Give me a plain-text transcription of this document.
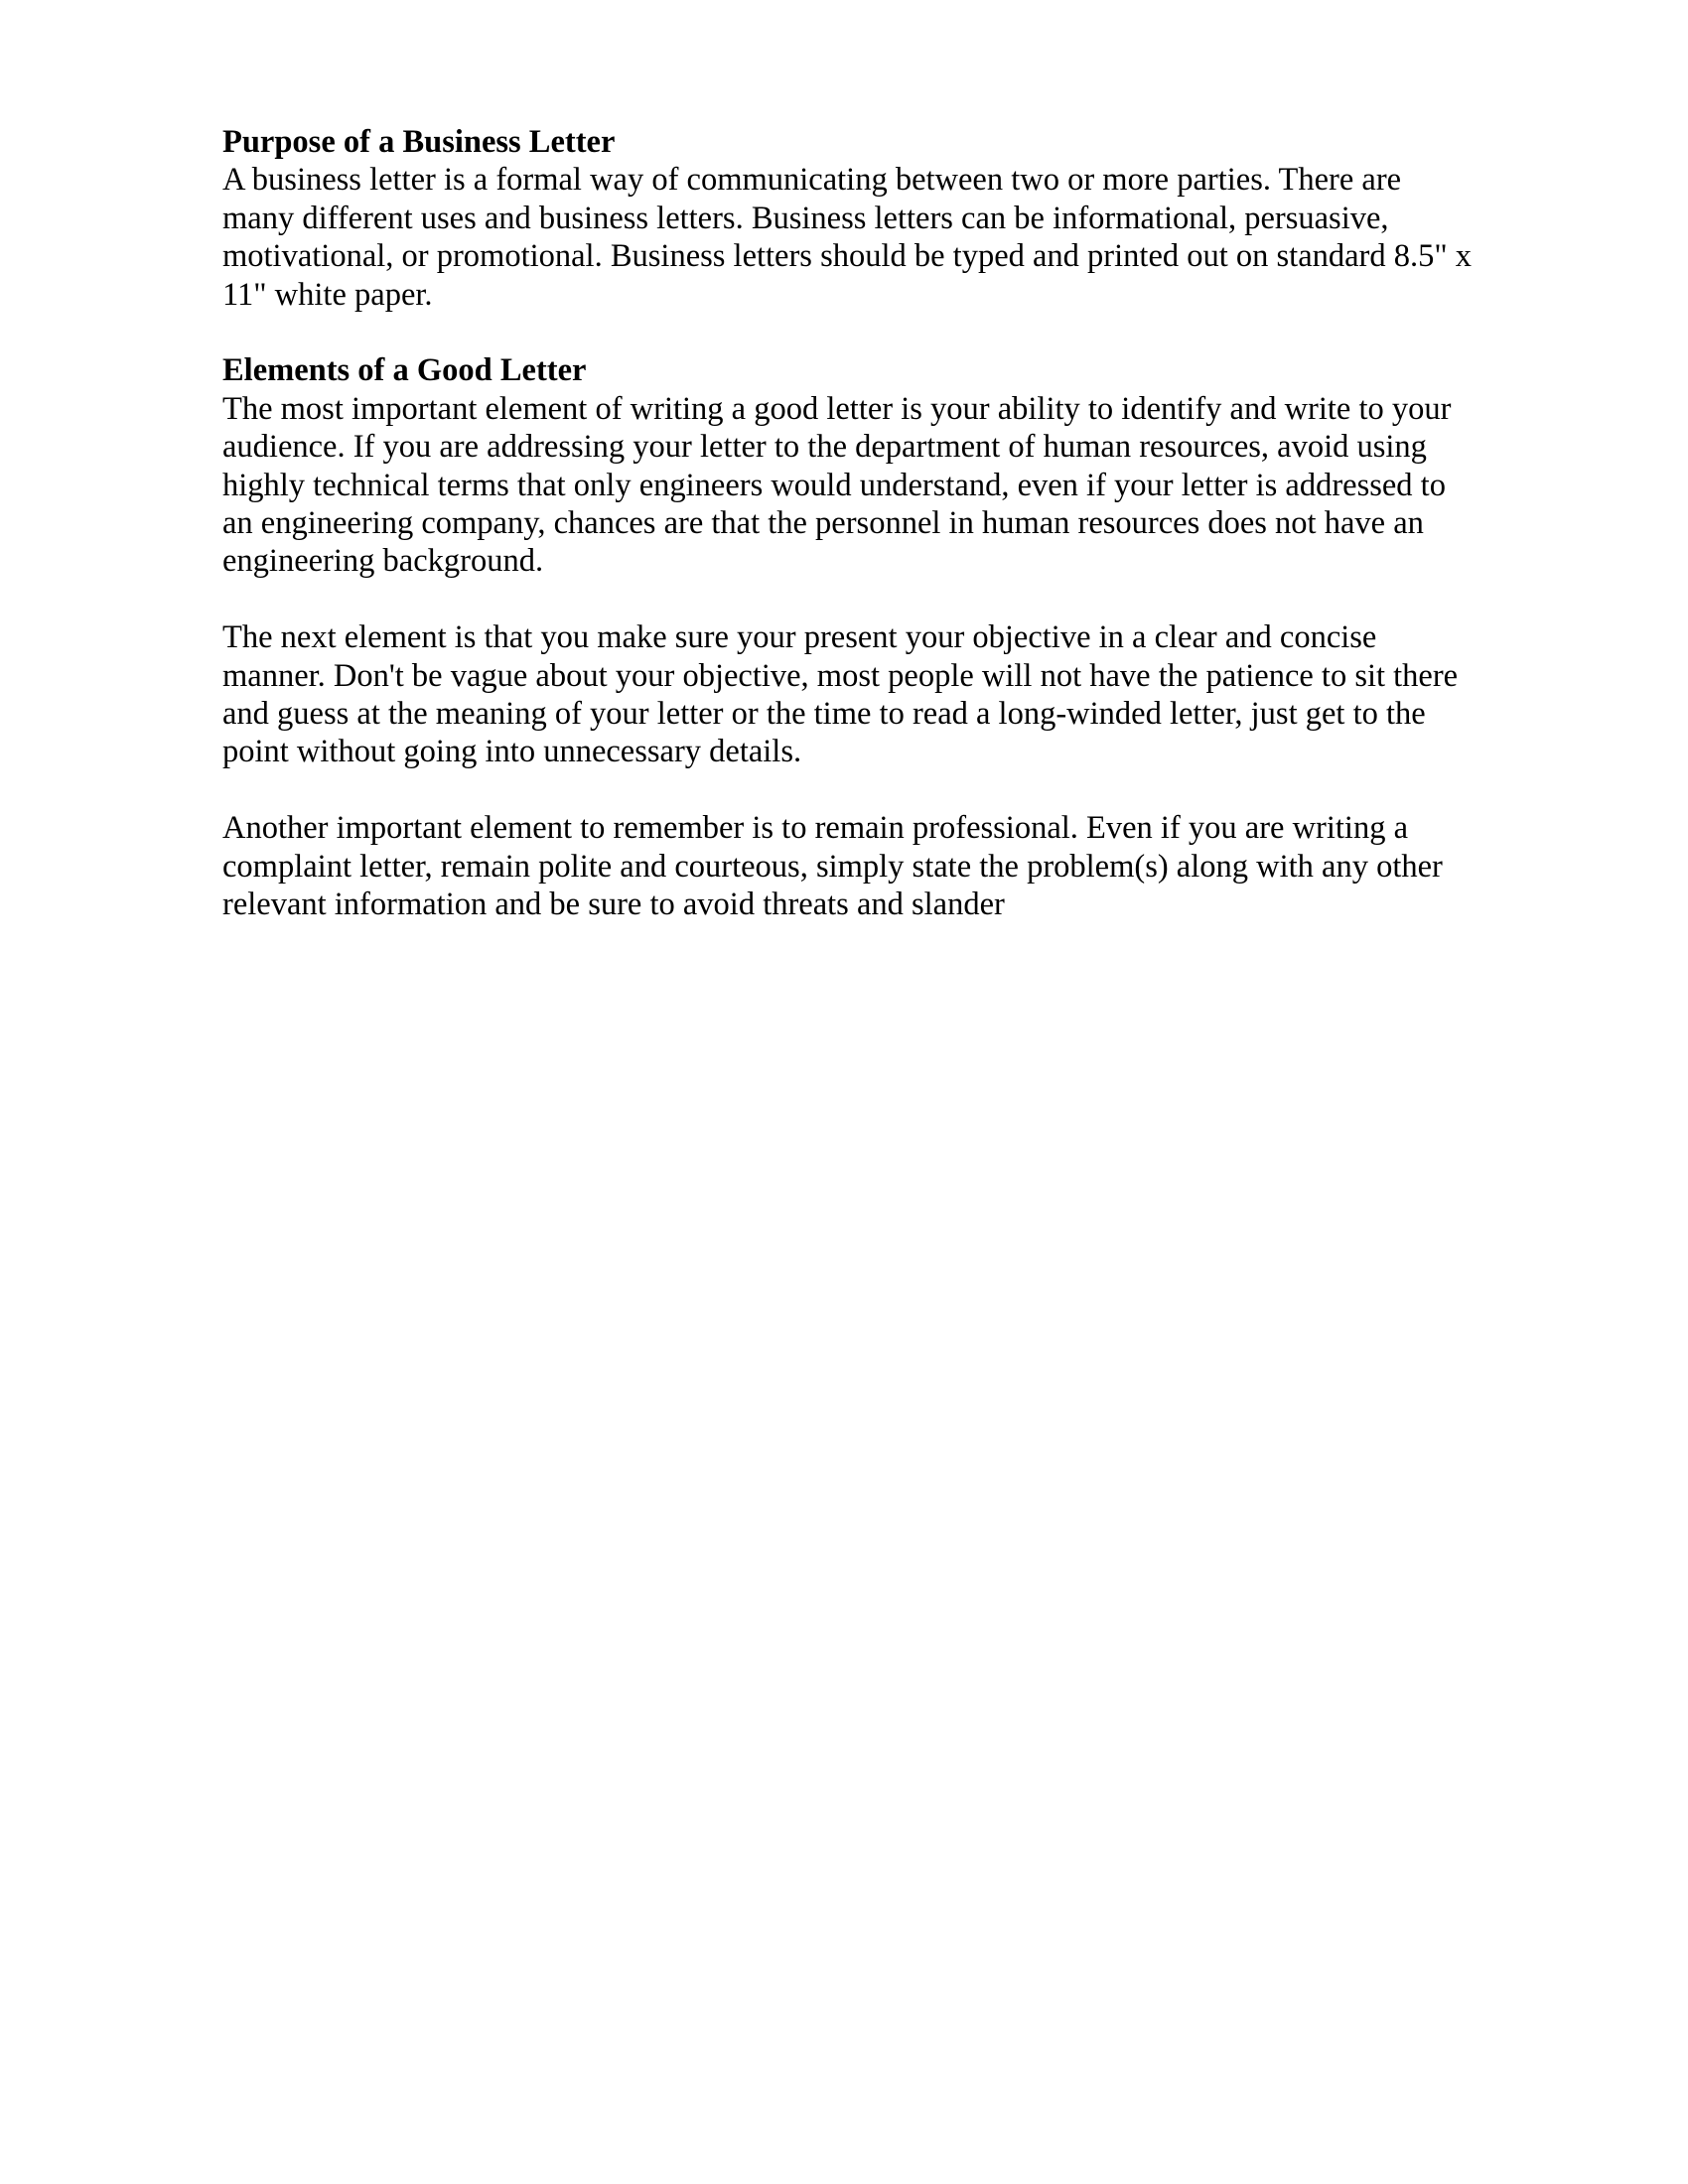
Purpose of a Business Letter

A business letter is a formal way of communicating between two or more parties. There are many different uses and business letters. Business letters can be informational, persuasive, motivational, or promotional. Business letters should be typed and printed out on standard 8.5" x 11" white paper.

Elements of a Good Letter

The most important element of writing a good letter is your ability to identify and write to your audience. If you are addressing your letter to the department of human resources, avoid using highly technical terms that only engineers would understand, even if your letter is addressed to an engineering company, chances are that the personnel in human resources does not have an engineering background.

The next element is that you make sure your present your objective in a clear and concise manner. Don't be vague about your objective, most people will not have the patience to sit there and guess at the meaning of your letter or the time to read a long-winded letter, just get to the point without going into unnecessary details.

Another important element to remember is to remain professional. Even if you are writing a complaint letter, remain polite and courteous, simply state the problem(s) along with any other relevant information and be sure to avoid threats and slander
